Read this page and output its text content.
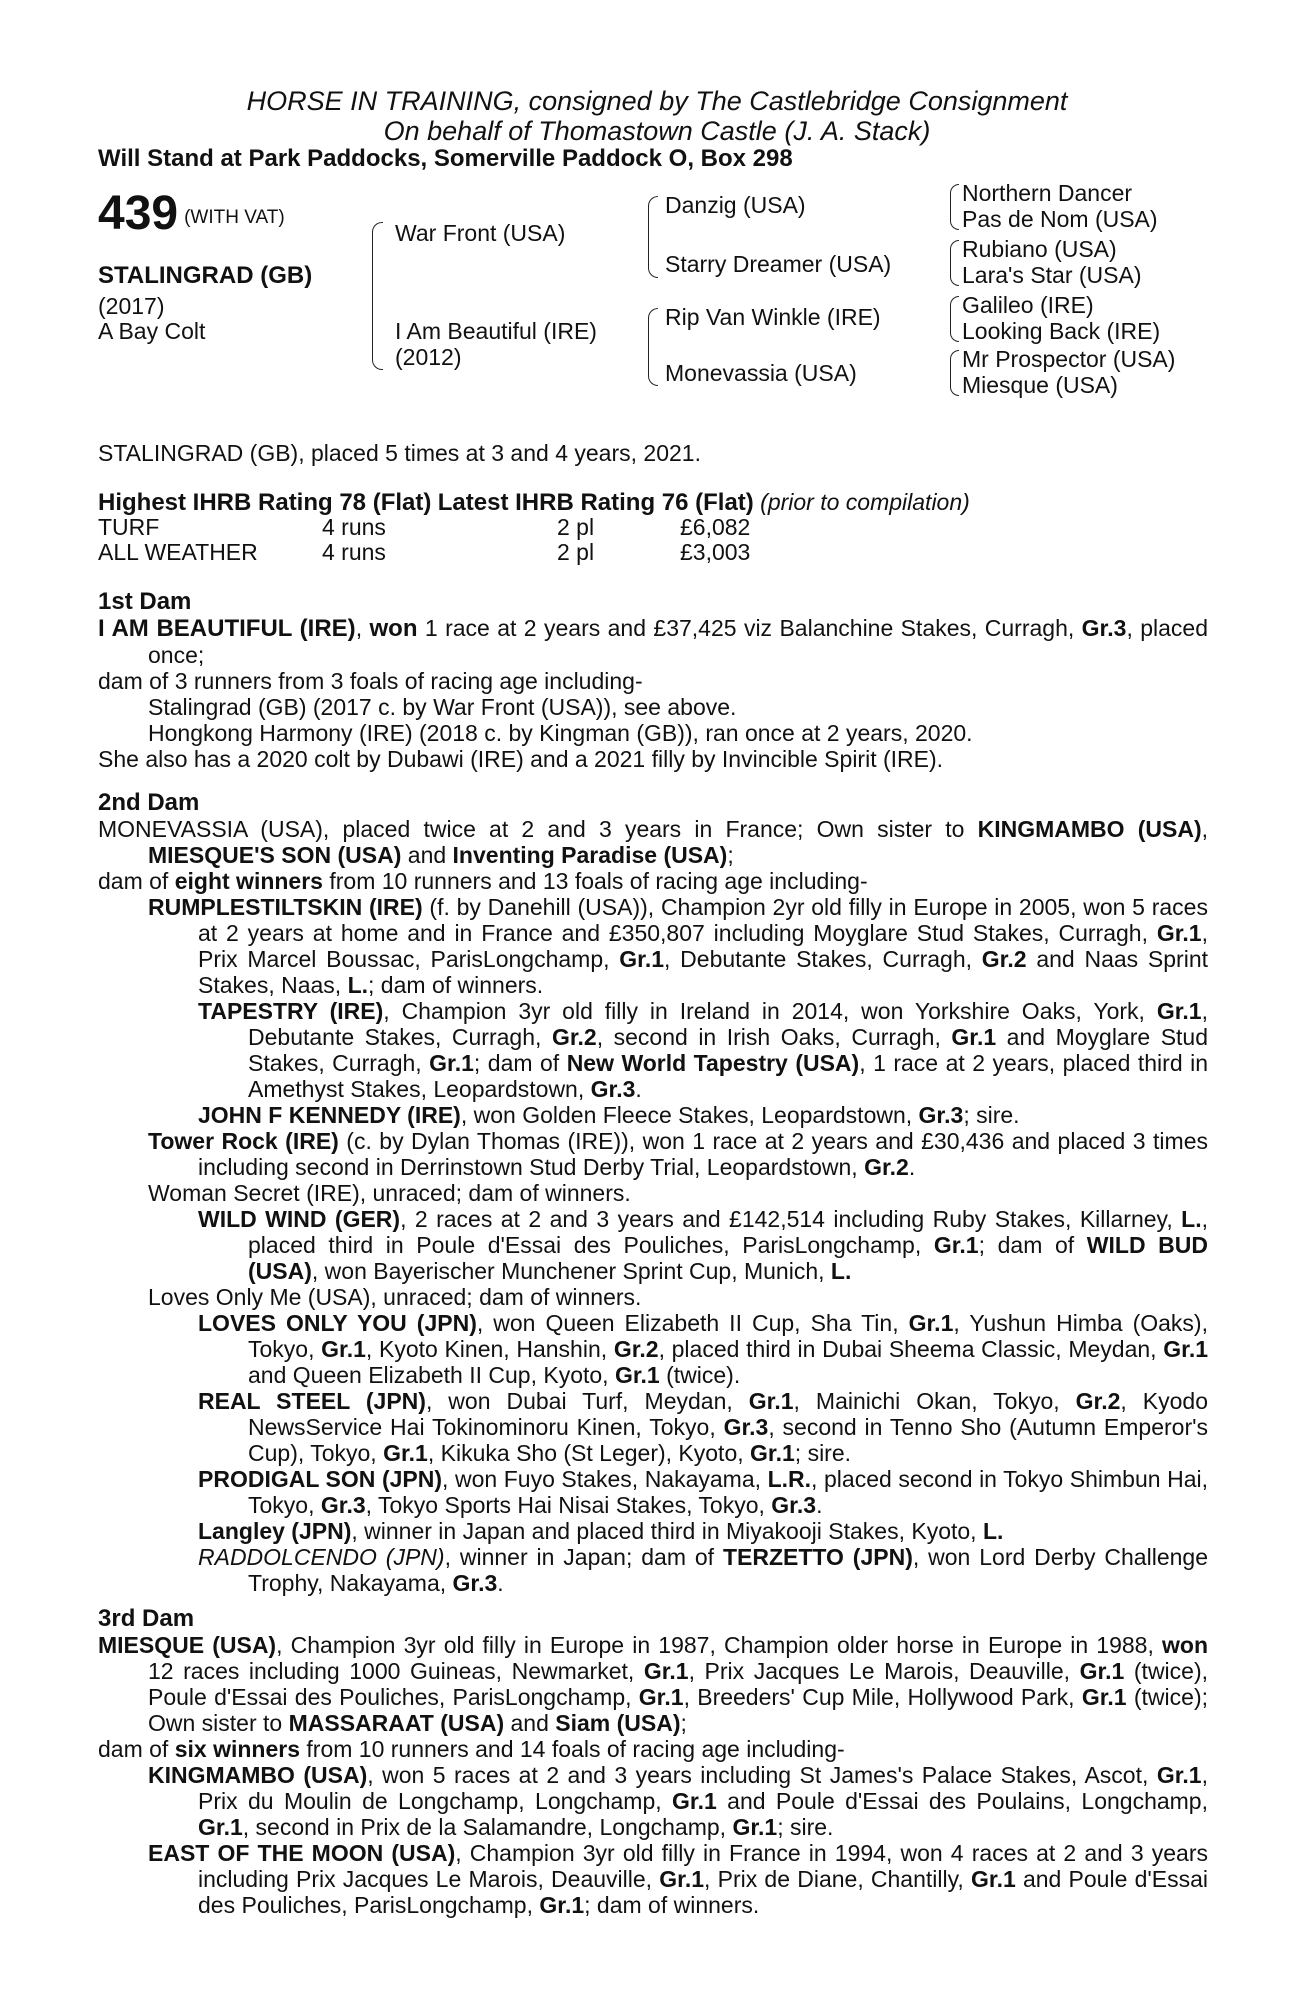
HORSE IN TRAINING, consigned by The Castlebridge Consignment
On behalf of Thomastown Castle (J. A. Stack)
Will Stand at Park Paddocks, Somerville Paddock O, Box 298
439 $^{(WITH VAT)}$
STALINGRAD (GB)
(2017)
A Bay Colt
War Front (USA)
I Am Beautiful (IRE)
(2012)
Danzig (USA)
Starry Dreamer (USA)
Rip Van Winkle (IRE)
Monevassia (USA)
Northern Dancer
Pas de Nom (USA)
Rubiano (USA)
Lara's Star (USA)
Galileo (IRE)
Looking Back (IRE)
Mr Prospector (USA)
Miesque (USA)
STALINGRAD (GB), placed 5 times at 3 and 4 years, 2021.
Highest IHRB Rating 78 (Flat) Latest IHRB Rating 76 (Flat) (prior to compilation)
TURF	4 runs	2 pl	£6,082
ALL WEATHER	4 runs	2 pl	£3,003

1st Dam

I AM BEAUTIFUL (IRE), won 1 race at 2 years and £37,425 viz Balanchine Stakes, Curragh, Gr.3, placed once;

dam of 3 runners from 3 foals of racing age including-

Stalingrad (GB) (2017 c. by War Front (USA)), see above.

Hongkong Harmony (IRE) (2018 c. by Kingman (GB)), ran once at 2 years, 2020.

She also has a 2020 colt by Dubawi (IRE) and a 2021 filly by Invincible Spirit (IRE).

2nd Dam

MONEVASSIA (USA), placed twice at 2 and 3 years in France; Own sister to KINGMAMBO (USA), MIESQUE'S SON (USA) and Inventing Paradise (USA);

dam of eight winners from 10 runners and 13 foals of racing age including-

RUMPLESTILTSKIN (IRE) (f. by Danehill (USA)), Champion 2yr old filly in Europe in 2005, won 5 races at 2 years at home and in France and £350,807 including Moyglare Stud Stakes, Curragh, Gr.1, Prix Marcel Boussac, ParisLongchamp, Gr.1, Debutante Stakes, Curragh, Gr.2 and Naas Sprint Stakes, Naas, L.; dam of winners.

TAPESTRY (IRE), Champion 3yr old filly in Ireland in 2014, won Yorkshire Oaks, York, Gr.1, Debutante Stakes, Curragh, Gr.2, second in Irish Oaks, Curragh, Gr.1 and Moyglare Stud Stakes, Curragh, Gr.1; dam of New World Tapestry (USA), 1 race at 2 years, placed third in Amethyst Stakes, Leopardstown, Gr.3.

JOHN F KENNEDY (IRE), won Golden Fleece Stakes, Leopardstown, Gr.3; sire.

Tower Rock (IRE) (c. by Dylan Thomas (IRE)), won 1 race at 2 years and £30,436 and placed 3 times including second in Derrinstown Stud Derby Trial, Leopardstown, Gr.2.

Woman Secret (IRE), unraced; dam of winners.

WILD WIND (GER), 2 races at 2 and 3 years and £142,514 including Ruby Stakes, Killarney, L., placed third in Poule d'Essai des Pouliches, ParisLongchamp, Gr.1; dam of WILD BUD (USA), won Bayerischer Munchener Sprint Cup, Munich, L.

Loves Only Me (USA), unraced; dam of winners.

LOVES ONLY YOU (JPN), won Queen Elizabeth II Cup, Sha Tin, Gr.1, Yushun Himba (Oaks), Tokyo, Gr.1, Kyoto Kinen, Hanshin, Gr.2, placed third in Dubai Sheema Classic, Meydan, Gr.1 and Queen Elizabeth II Cup, Kyoto, Gr.1 (twice).

REAL STEEL (JPN), won Dubai Turf, Meydan, Gr.1, Mainichi Okan, Tokyo, Gr.2, Kyodo NewsService Hai Tokinominoru Kinen, Tokyo, Gr.3, second in Tenno Sho (Autumn Emperor's Cup), Tokyo, Gr.1, Kikuka Sho (St Leger), Kyoto, Gr.1; sire.

PRODIGAL SON (JPN), won Fuyo Stakes, Nakayama, L.R., placed second in Tokyo Shimbun Hai, Tokyo, Gr.3, Tokyo Sports Hai Nisai Stakes, Tokyo, Gr.3.

Langley (JPN), winner in Japan and placed third in Miyakooji Stakes, Kyoto, L.

RADDOLCENDO (JPN), winner in Japan; dam of TERZETTO (JPN), won Lord Derby Challenge Trophy, Nakayama, Gr.3.

3rd Dam

MIESQUE (USA), Champion 3yr old filly in Europe in 1987, Champion older horse in Europe in 1988, won 12 races including 1000 Guineas, Newmarket, Gr.1, Prix Jacques Le Marois, Deauville, Gr.1 (twice), Poule d'Essai des Pouliches, ParisLongchamp, Gr.1, Breeders' Cup Mile, Hollywood Park, Gr.1 (twice); Own sister to MASSARAAT (USA) and Siam (USA);

dam of six winners from 10 runners and 14 foals of racing age including-

KINGMAMBO (USA), won 5 races at 2 and 3 years including St James's Palace Stakes, Ascot, Gr.1, Prix du Moulin de Longchamp, Longchamp, Gr.1 and Poule d'Essai des Poulains, Longchamp, Gr.1, second in Prix de la Salamandre, Longchamp, Gr.1; sire.

EAST OF THE MOON (USA), Champion 3yr old filly in France in 1994, won 4 races at 2 and 3 years including Prix Jacques Le Marois, Deauville, Gr.1, Prix de Diane, Chantilly, Gr.1 and Poule d'Essai des Pouliches, ParisLongchamp, Gr.1; dam of winners.
